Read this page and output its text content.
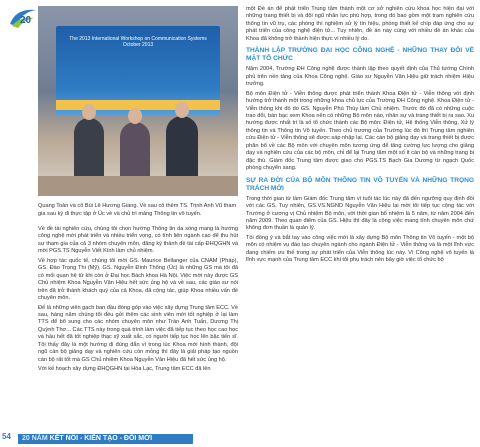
20
The 2013 International Workshop on Communication Systems
October 2013
Quang Toản và cô Bùi Lê Hương Giang. Về sau cô thêm TS. Trịnh Anh Vũ tham gia sau kỳ đi thực tập ở Úc về và chủ trì mảng Thông tin vô tuyến.

Về đề tài nghiên cứu, chúng tôi chọn hướng Thông tin da sóng mang là hướng công nghệ mới phát triển và nhiều triển vọng, có tính liên ngành cao để thu hút sự tham gia của cả 3 nhóm chuyên môn, đăng ký thành đề tài cấp ĐHQGHN và mời PGS.TS Nguyễn Viết Kính làm chủ nhiệm.

Về hợp tác quốc tế, chúng tôi mời GS. Maurice Bellanger của CNAM (Pháp), GS. Đào Trọng Thi (Mỹ), GS. Nguyễn Đình Thông (Úc) là những GS mà tôi đã có mối quan hệ từ khi còn ở Đại học Bách khoa Hà Nội. Việc mời này được GS Chủ nhiệm Khoa Nguyễn Văn Hiệu hết sức ủng hộ và về sau, các giáo sư nói trên đã trở thành khách quý của cả Khoa, đã cộng tác, giúp Khoa nhiều vấn đề chuyên môn.

Để là những viên gạch ban đầu đóng góp vào việc xây dựng Trung tâm ECC. Về sau, hàng năm chúng tôi đều gửi thêm các sinh viên mới tốt nghiệp ở lại làm TTS để bổ sung cho các nhóm chuyên môn như Trần Anh Tuấn, Dương Thị Quỳnh Thơ... Các TTS này trong quá trình làm việc đã tiếp tục theo học cao học và hầu hết đã tốt nghiệp thạc sỹ xuất sắc, có người tiếp tục học lên bậc tiến sĩ. Tôi thấy đây là một hướng đi đúng đắn vì trong lúc Khoa mới hình thành, đội ngũ cán bộ giảng dạy và nghiên cứu còn mỏng thì đây là giải pháp tạo nguồn cán bộ rất tốt mà GS Chủ nhiệm Khoa Nguyễn Văn Hiệu đã hết sức ủng hộ.

Với kế hoạch xây dựng ĐHQGHN tại Hòa Lạc, Trung tâm ECC đã lên

một Đề án để phát triển Trung tâm thành một cơ sở nghiên cứu khoa học hiện đại với những trang thiết bị và đội ngũ nhân lực phù hợp, trong đó bao gồm một trạm nghiên cứu thông tin vũ trụ, các phòng thí nghiệm sử lý tín hiệu, phòng thiết kế chíp đáp ứng cho sự phát triển của công nghệ điện tử... Tuy nhiên, đề án này cùng với nhiều đề án khác của Khoa đã không trở thành hiện thực vì nhiều lý do.

THÀNH LẬP TRƯỜNG ĐẠI HỌC CÔNG NGHỆ - NHỮNG THAY ĐỔI VỀ MẶT TỔ CHỨC

Năm 2004, Trường ĐH Công nghệ được thành lập theo quyết định của Thủ tướng Chính phủ trên nền tảng của Khoa Công nghệ. Giáo sư Nguyễn Văn Hiệu giữ trách nhiệm Hiệu trưởng.

Bộ môn Điện tử - Viễn thông được phát triển thành Khoa Điện tử - Viễn thông với định hướng trở thành một trong những khoa chủ lực của Trường ĐH Công nghệ. Khoa Điện tử - Viễn thông khi đó do GS. Nguyễn Phú Thùy làm Chủ nhiệm. Trước đó đã có những cuộc trao đổi, bàn bạc xem Khoa nên có những Bộ môn nào, nhân sự và trang thiết bị ra sao. Xu hướng được nhất trí là số tổ chức thành các Bộ môn: Điện tử, Hệ thống Viễn thông, Xử lý thông tin và Thông tin Vô tuyến. Theo chủ trương của Trường lúc đó thì Trung tâm nghiên cứu Điện tử - Viễn thông sẽ được sáp nhập lại. Các cán bộ giảng dạy và trang thiết bị được phân bổ về các Bộ môn với chuyên môn tương ứng để tăng cường lực lượng cho giảng dạy và nghiên cứu của các bộ môn, chỉ để lại Trung tâm một số ít cán bộ và những trang bị đặc thù. Giám đốc Trung tâm được giao cho PGS.TS Bạch Gia Dương từ ngạch Quốc phòng chuyển sang.

SỰ RA ĐỜI CỦA BỘ MÔN THÔNG TIN VÔ TUYẾN VÀ NHỮNG TRỌNG TRÁCH MỚI

Trong thời gian từ làm Giám đốc Trung tâm vì tuổi tác lúc này đã đến ngưỡng quy định đối với các GS. Tuy nhiên, GS.VS.NGND Nguyễn Văn Hiệu lại mời tôi tiếp tục cộng tác với Trường ở cương vị Chủ nhiệm Bộ môn, với thời gian bổ nhiệm là 5 năm, từ năm 2004 đến năm 2009. Theo quan điểm của GS. Hiệu thì đây là công việc mang tính chuyên môn chứ không đơn thuần là quản lý.

Tôi đồng ý và bắt tay vào công việc mới là xây dựng Bộ môn Thông tin Vô tuyến - một bộ môn có nhiệm vụ đào tạo chuyên ngành cho ngành Điện tử - Viễn thông và là một lĩnh vực đang chiếm ưu thế trong sự phát triển của Viễn thông lúc này. Vì Công nghệ vô tuyến là lĩnh vực mạnh của Trung tâm ECC khi tôi phụ trách nên bây giờ việc tổ chức bộ

54 20 NĂM KẾT NỐI - KIẾN TẠO - ĐỔI MỚI
